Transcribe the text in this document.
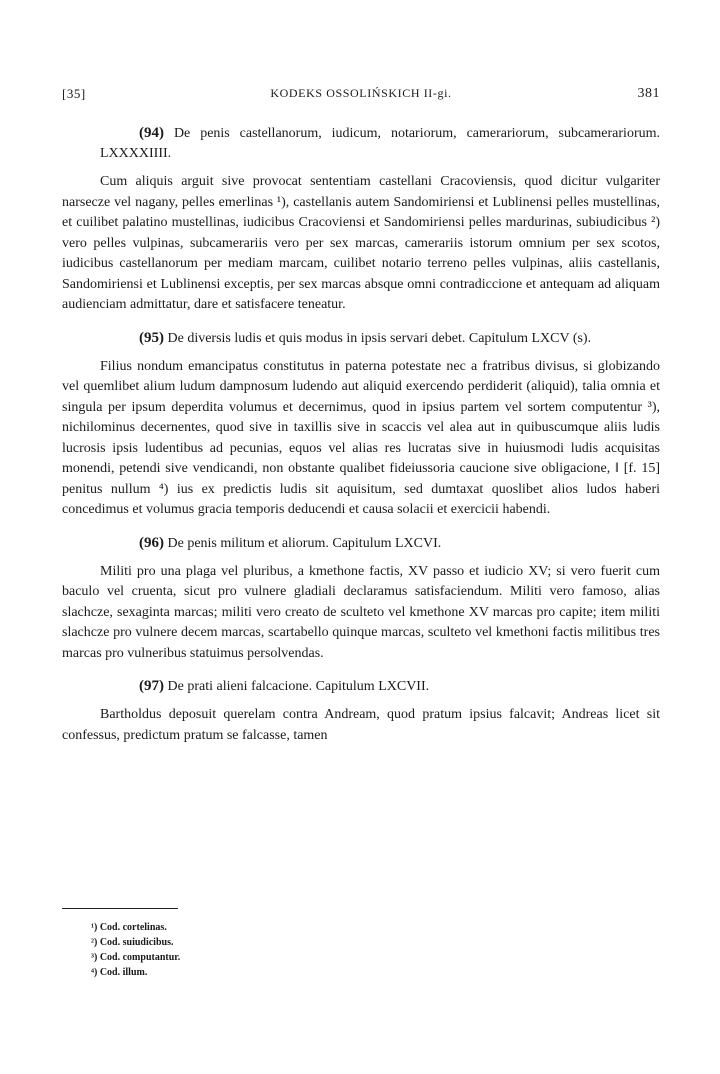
[35]	KODEKS OSSOLIŃSKICH II-gi.	381
(94) De penis castellanorum, iudicum, notariorum, camerariorum, subcamerariorum. LXXXXIIII.

Cum aliquis arguit sive provocat sententiam castellani Cracoviensis, quod dicitur vulgariter narsecze vel nagany, pelles emerlinas ¹), castellanis autem Sandomiriensi et Lublinensi pelles mustellinas, et cuilibet palatino mustellinas, iudicibus Cracoviensi et Sandomiriensi pelles mardurinas, subiudicibus ²) vero pelles vulpinas, subcamerariis vero per sex marcas, camerariis istorum omnium per sex scotos, iudicibus castellanorum per mediam marcam, cuilibet notario terreno pelles vulpinas, aliis castellanis, Sandomiriensi et Lublinensi exceptis, per sex marcas absque omni contradiccione et antequam ad aliquam audienciam admittatur, dare et satisfacere teneatur.

(95) De diversis ludis et quis modus in ipsis servari debet. Capitulum LXCV (s).

Filius nondum emancipatus constitutus in paterna potestate nec a fratribus divisus, si globizando vel quemlibet alium ludum dampnosum ludendo aut aliquid exercendo perdiderit (aliquid), talia omnia et singula per ipsum deperdita volumus et decernimus, quod in ipsius partem vel sortem computentur ³), nichilominus decernentes, quod sive in taxillis sive in scaccis vel alea aut in quibuscumque aliis ludis lucrosis ipsis ludentibus ad pecunias, equos vel alias res lucratas sive in huiusmodi ludis acquisitas monendi, petendi sive vendicandi, non obstante qualibet fideiussoria caucione sive obligacione, ‖ [f. 15] penitus nullum ⁴) ius ex predictis ludis sit aquisitum, sed dumtaxat quoslibet alios ludos haberi concedimus et volumus gracia temporis deducendi et causa solacii et exercicii habendi.

(96) De penis militum et aliorum. Capitulum LXCVI.

Militi pro una plaga vel pluribus, a kmethone factis, XV passo et iudicio XV; si vero fuerit cum baculo vel cruenta, sicut pro vulnere gladiali declaramus satisfaciendum. Militi vero famoso, alias slachcze, sexaginta marcas; militi vero creato de sculteto vel kmethone XV marcas pro capite; item militi slachcze pro vulnere decem marcas, scartabello quinque marcas, sculteto vel kmethoni factis militibus tres marcas pro vulneribus statuimus persolvendas.

(97) De prati alieni falcacione. Capitulum LXCVII.

Bartholdus deposuit querelam contra Andream, quod pratum ipsius falcavit; Andreas licet sit confessus, predictum pratum se falcasse, tamen

¹) Cod. cortelinas.
²) Cod. suiudicibus.
³) Cod. computantur.
⁴) Cod. illum.
